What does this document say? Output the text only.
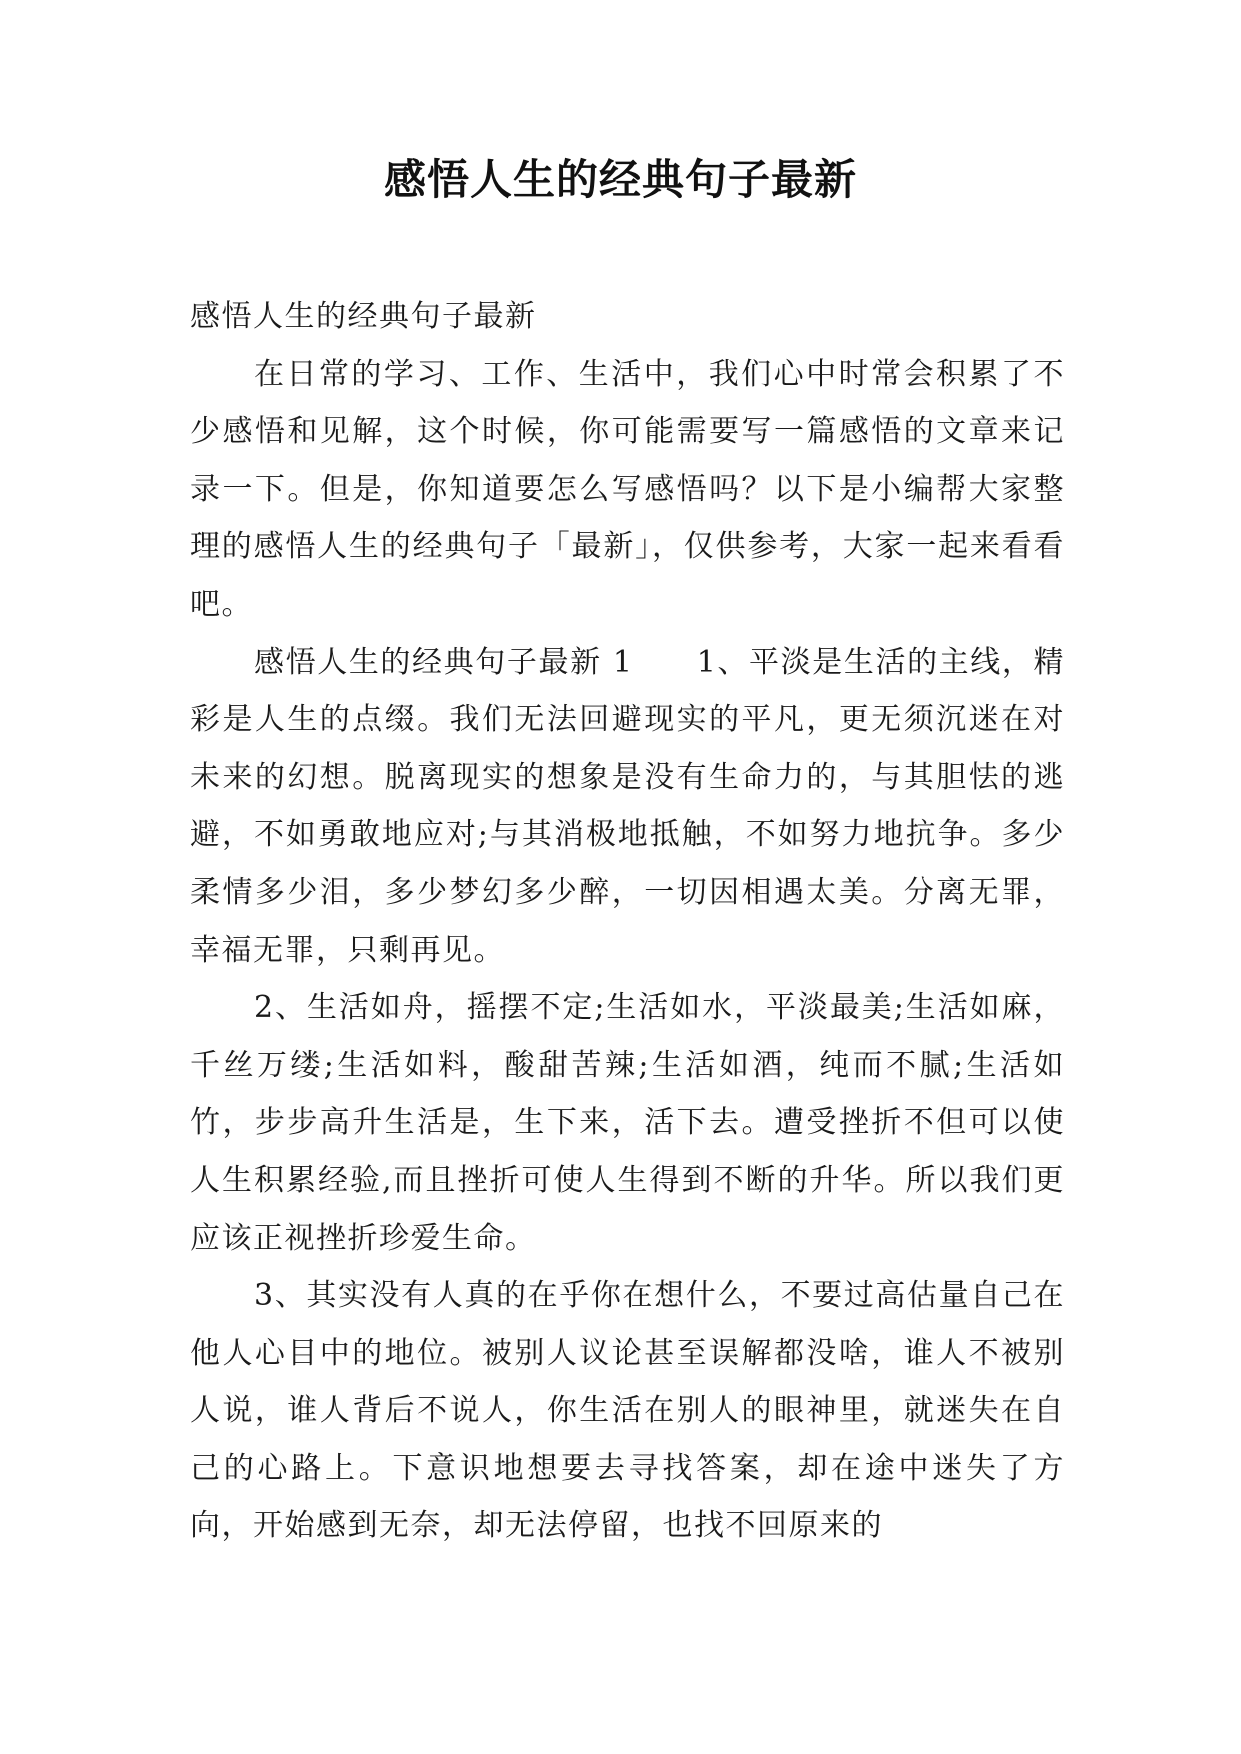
感悟人生的经典句子最新

感悟人生的经典句子最新

在日常的学习、工作、生活中，我们心中时常会积累了不少感悟和见解，这个时候，你可能需要写一篇感悟的文章来记录一下。但是，你知道要怎么写感悟吗？以下是小编帮大家整理的感悟人生的经典句子「最新」，仅供参考，大家一起来看看吧。

感悟人生的经典句子最新 1　　1、平淡是生活的主线，精彩是人生的点缀。我们无法回避现实的平凡，更无须沉迷在对未来的幻想。脱离现实的想象是没有生命力的，与其胆怯的逃避，不如勇敢地应对;与其消极地抵触，不如努力地抗争。多少柔情多少泪，多少梦幻多少醉，一切因相遇太美。分离无罪，幸福无罪，只剩再见。

2、生活如舟，摇摆不定;生活如水，平淡最美;生活如麻，千丝万缕;生活如料，酸甜苦辣;生活如酒，纯而不腻;生活如竹，步步高升生活是，生下来，活下去。遭受挫折不但可以使人生积累经验,而且挫折可使人生得到不断的升华。所以我们更应该正视挫折珍爱生命。

3、其实没有人真的在乎你在想什么，不要过高估量自己在他人心目中的地位。被别人议论甚至误解都没啥，谁人不被别人说，谁人背后不说人，你生活在别人的眼神里，就迷失在自己的心路上。下意识地想要去寻找答案，却在途中迷失了方向，开始感到无奈，却无法停留，也找不回原来的
